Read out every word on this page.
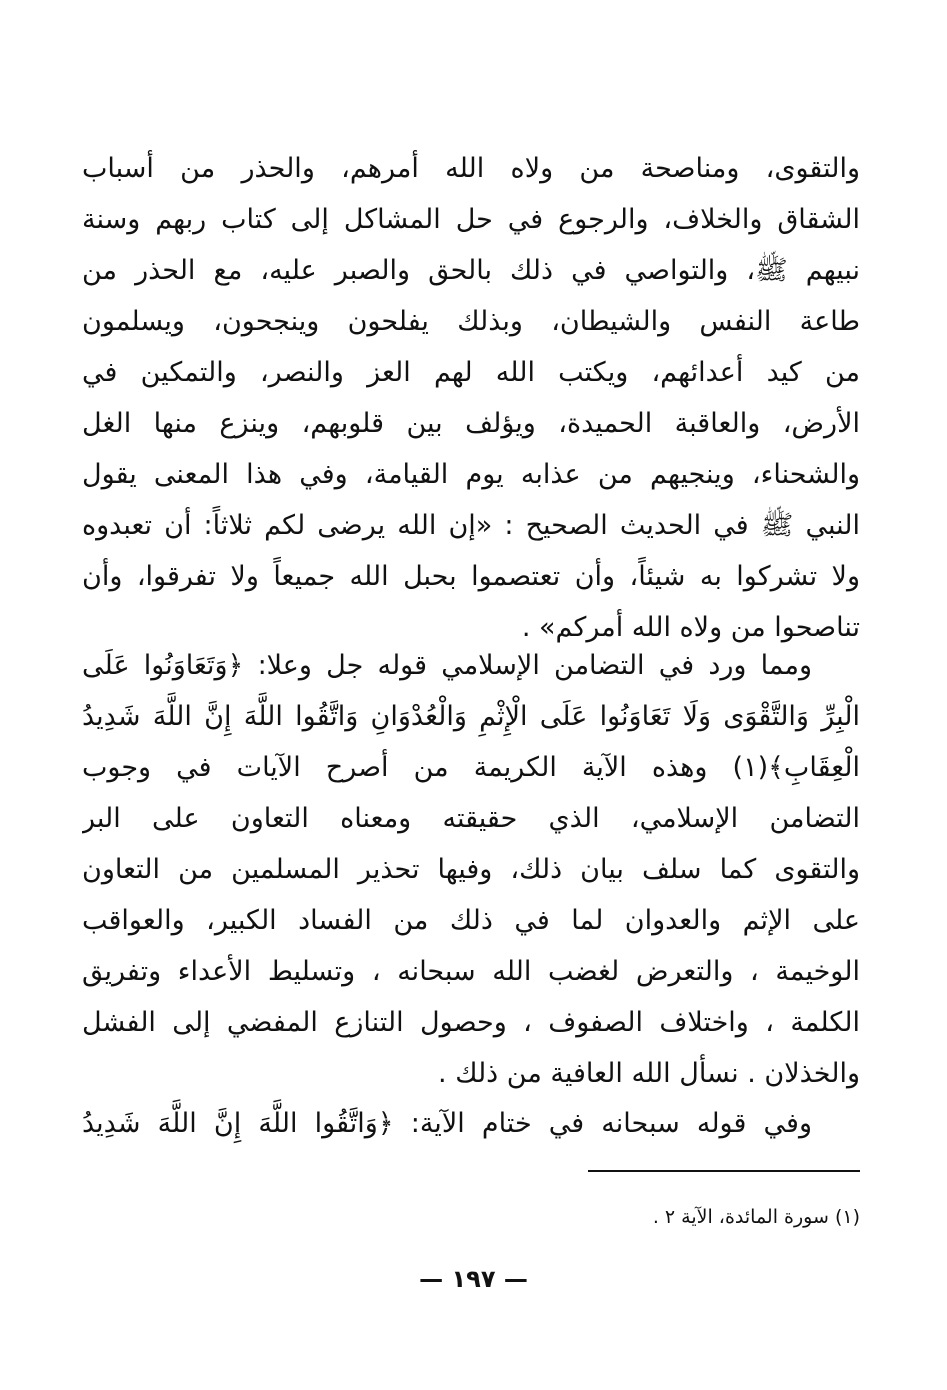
والتقوى، ومناصحة من ولاه الله أمرهم، والحذر من أسباب
الشقاق والخلاف، والرجوع في حل المشاكل إلى كتاب ربهم وسنة
نبيهم ﷺ، والتواصي في ذلك بالحق والصبر عليه، مع الحذر من
طاعة النفس والشيطان، وبذلك يفلحون وينجحون، ويسلمون
من كيد أعدائهم، ويكتب الله لهم العز والنصر، والتمكين في
الأرض، والعاقبة الحميدة، ويؤلف بين قلوبهم، وينزع منها الغل
والشحناء، وينجيهم من عذابه يوم القيامة، وفي هذا المعنى يقول
النبي ﷺ في الحديث الصحيح : «إن الله يرضى لكم ثلاثاً: أن تعبدوه
ولا تشركوا به شيئاً، وأن تعتصموا بحبل الله جميعاً ولا تفرقوا، وأن
تناصحوا من ولاه الله أمركم» .
ومما ورد في التضامن الإسلامي قوله جل وعلا: ﴿وَتَعَاوَنُوا عَلَى
الْبِرِّ وَالتَّقْوَى وَلَا تَعَاوَنُوا عَلَى الْإِثْمِ وَالْعُدْوَانِ وَاتَّقُوا اللَّهَ إِنَّ اللَّهَ شَدِيدُ
الْعِقَابِ﴾(١) وهذه الآية الكريمة من أصرح الآيات في وجوب
التضامن الإسلامي، الذي حقيقته ومعناه التعاون على البر
والتقوى كما سلف بيان ذلك، وفيها تحذير المسلمين من التعاون
على الإثم والعدوان لما في ذلك من الفساد الكبير، والعواقب
الوخيمة ، والتعرض لغضب الله سبحانه ، وتسليط الأعداء وتفريق
الكلمة ، واختلاف الصفوف ، وحصول التنازع المفضي إلى الفشل
والخذلان . نسأل الله العافية من ذلك .
وفي قوله سبحانه في ختام الآية: ﴿وَاتَّقُوا اللَّهَ إِنَّ اللَّهَ شَدِيدُ
(١) سورة المائدة، الآية ٢ .
— ١٩٧ —
